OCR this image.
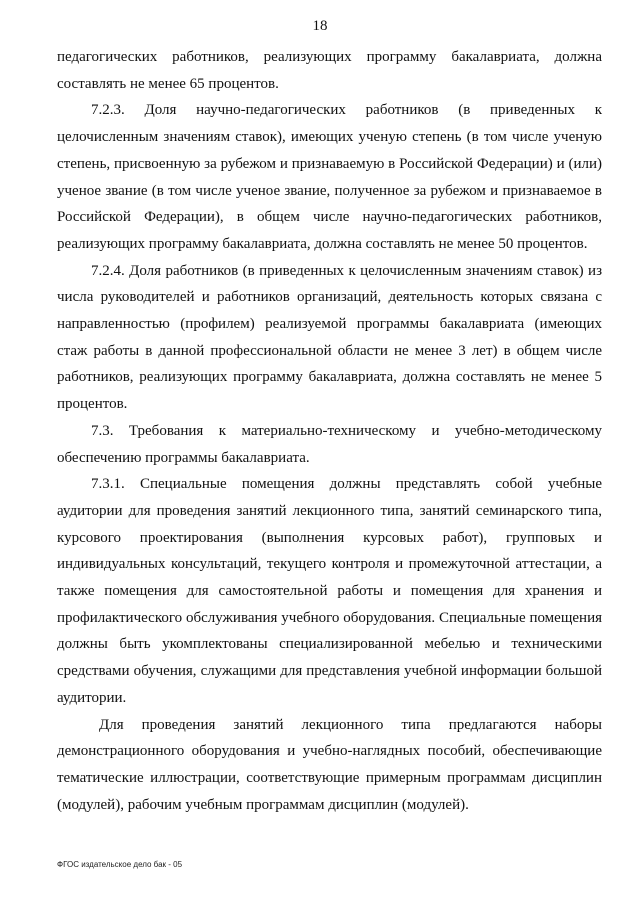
18

педагогических работников, реализующих программу бакалавриата, должна составлять не менее 65 процентов.

7.2.3. Доля научно-педагогических работников (в приведенных к целочисленным значениям ставок), имеющих ученую степень (в том числе ученую степень, присвоенную за рубежом и признаваемую в Российской Федерации) и (или) ученое звание (в том числе ученое звание, полученное за рубежом и признаваемое в Российской Федерации), в общем числе научно-педагогических работников, реализующих программу бакалавриата, должна составлять не менее 50 процентов.

7.2.4. Доля работников (в приведенных к целочисленным значениям ставок) из числа руководителей и работников организаций, деятельность которых связана с направленностью (профилем) реализуемой программы бакалавриата (имеющих стаж работы в данной профессиональной области не менее 3 лет) в общем числе работников, реализующих программу бакалавриата, должна составлять не менее 5 процентов.

7.3. Требования к материально-техническому и учебно-методическому обеспечению программы бакалавриата.

7.3.1. Специальные помещения должны представлять собой учебные аудитории для проведения занятий лекционного типа, занятий семинарского типа, курсового проектирования (выполнения курсовых работ), групповых и индивидуальных консультаций, текущего контроля и промежуточной аттестации, а также помещения для самостоятельной работы и помещения для хранения и профилактического обслуживания учебного оборудования. Специальные помещения должны быть укомплектованы специализированной мебелью и техническими средствами обучения, служащими для представления учебной информации большой аудитории.

Для проведения занятий лекционного типа предлагаются наборы демонстрационного оборудования и учебно-наглядных пособий, обеспечивающие тематические иллюстрации, соответствующие примерным программам дисциплин (модулей), рабочим учебным программам дисциплин (модулей).

ФГОС издательское дело бак - 05
